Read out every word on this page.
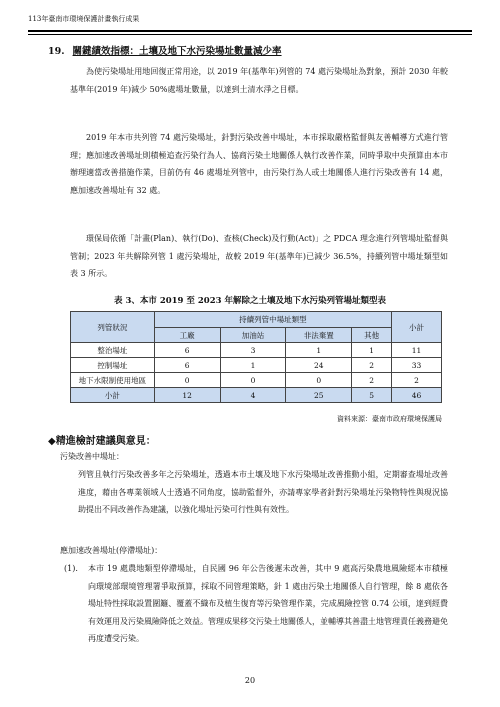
113年臺南市環境保護計畫執行成果
19. 關鍵績效指標：土壤及地下水污染場址數量減少率
為使污染場址用地回復正常用途，以 2019 年(基準年)列管的 74 處污染場址為對象，預計 2030 年較基準年(2019 年)減少 50%處場址數量，以達到土清水淨之目標。
2019 年本市共列管 74 處污染場址，針對污染改善中場址，本市採取嚴格監督與友善輔導方式進行管理；應加速改善場址則積極追查污染行為人、協商污染土地關係人執行改善作業，同時爭取中央預算由本市辦理適當改善措施作業，目前仍有 46 處場址列管中，由污染行為人或土地關係人進行污染改善有 14 處，應加速改善場址有 32 處。
環保局依循「計畫(Plan)、執行(Do)、查核(Check)及行動(Act)」之 PDCA 理念進行列管場址監督與管制；2023 年共解除列管 1 處污染場址，故較 2019 年(基準年)已減少 36.5%，持續列管中場址類型如表 3 所示。
表 3、本市 2019 至 2023 年解除之土壤及地下水污染列管場址類型表
列管狀況	持續列管中場址類型				小計
	工廠	加油站	非法棄置	其他	
整治場址	6	3	1	1	11
控制場址	6	1	24	2	33
地下水限制使用地區	0	0	0	2	2
小計	12	4	25	5	46
資料來源：臺南市政府環境保護局
◆精進檢討建議與意見：
污染改善中場址：
列管且執行污染改善多年之污染場址，透過本市土壤及地下水污染場址改善推動小組，定期審查場址改善進度，藉由各專業領域人士透過不同角度，協助監督外，亦請專家學者針對污染場址污染物特性與現況協助提出不同改善作為建議，以強化場址污染可行性與有效性。
應加速改善場址(停滯場址)：
(1). 本市 19 處農地類型停滯場址，自民國 96 年公告後遲未改善，其中 9 處高污染農地風險經本市積極向環境部環境管理署爭取預算，採取不同管理策略，針 1 處由污染土地關係人自行管理，餘 8 處依各場址特性採取設置圍籬、覆蓋不織布及植生復育等污染管理作業，完成風險控管 0.74 公頃，達到經費有效運用及污染風險降低之效益。管理成果移交污染土地關係人，並輔導其善盡土地管理責任義務避免再度遭受污染。
20
